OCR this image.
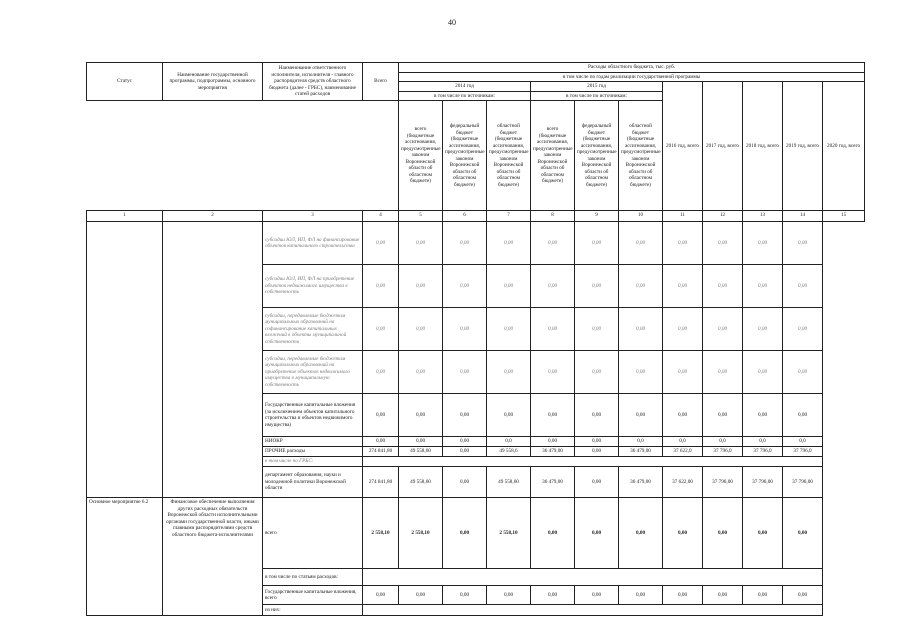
40
Статус	Наименование государственной программы, подпрограммы, основного мероприятия	Наименование ответственного исполнителя, исполнителя - главного распорядителя средств областного бюджета (далее - ГРБС), наименование статей расходов	Всего	Расходы областного бюджета, тыс. руб.										
				в том числе по годам реализации государственной программы										
				2014 год			2015 год			2016 год, всего	2017 год, всего	2018 год, всего	2019 год, всего	2020 год, всего
				в том числе по источникам:			в том числе по источникам:							
				всего (бюджетные ассигнования, предусмотренные законом Воронежской области об областном бюджете)	федеральный бюджет (бюджетные ассигнования, предусмотренные законом Воронежской области об областном бюджете)	областной бюджет (бюджетные ассигнования, предусмотренные законом Воронежской области об областном бюджете)	всего (бюджетные ассигнования, предусмотренные законом Воронежской области об областном бюджете)	федеральный бюджет (бюджетные ассигнования, предусмотренные законом Воронежской области об областном бюджете)	областной бюджет (бюджетные ассигнования, предусмотренные законом Воронежской области об областном бюджете)					
1	2	3	4	5	6	7	8	9	10	11	12	13	14	15
		субсидии ЮЛ, ИП, ФЛ на финансирование объектов капитального строительства	0,00	0,00	0,00	0,00	0,00	0,00	0,00	0,00	0,00	0,00	0,00	
		субсидии ЮЛ, ИП, ФЛ на приобретение объектов недвижимого имущества в собственность	0,00	0,00	0,00	0,00	0,00	0,00	0,00	0,00	0,00	0,00	0,00	
		субсидии, передаваемые бюджетам муниципальных образований на софинансирование капитальных вложений в объекты муниципальной собственности	0,00	0,00	0,00	0,00	0,00	0,00	0,00	0,00	0,00	0,00	0,00	
		субсидии, передаваемые бюджетам муниципальных образований на приобретение объектов недвижимого имущества в муниципальную собственность	0,00	0,00	0,00	0,00	0,00	0,00	0,00	0,00	0,00	0,00	0,00	
		Государственные капитальные вложения (за исключением объектов капитального строительства и объектов недвижимого имущества)	0,00	0,00	0,00	0,00	0,00	0,00	0,00	0,00	0,00	0,00	0,00	
		НИОКР	0,00	0,00	0,00	0,0	0,00	0,00	0,0	0,0	0,0	0,0	0,0	
		ПРОЧИЕ расходы	274 841,80	49 558,60	0,00	49 558,6	36 479,00	0,00	36 479,00	37 622,0	37 796,0	37 796,0	37 796,0	
		в том числе по ГРБС:												
		департамент образования, науки и молодежной политики Воронежской области	274 841,80	49 558,60	0,00	49 558,60	36 479,00	0,00	36 479,00	37 622,00	37 796,00	37 796,00	37 796,00	
Основное мероприятие 6.2	Финансовое обеспечение выполнения других расходных обязательств Воронежской области исполнительными органами государственной власти, иными главными распорядителями средств областного бюджета-исполнителями	всего	2 558,10	2 558,10	0,00	2 558,10	0,00	0,00	0,00	0,00	0,00	0,00	0,00	
		в том числе по статьям расходов:												
		Государственные капитальные вложения, всего	0,00	0,00	0,00	0,00	0,00	0,00	0,00	0,00	0,00	0,00	0,00	
		из них:												
